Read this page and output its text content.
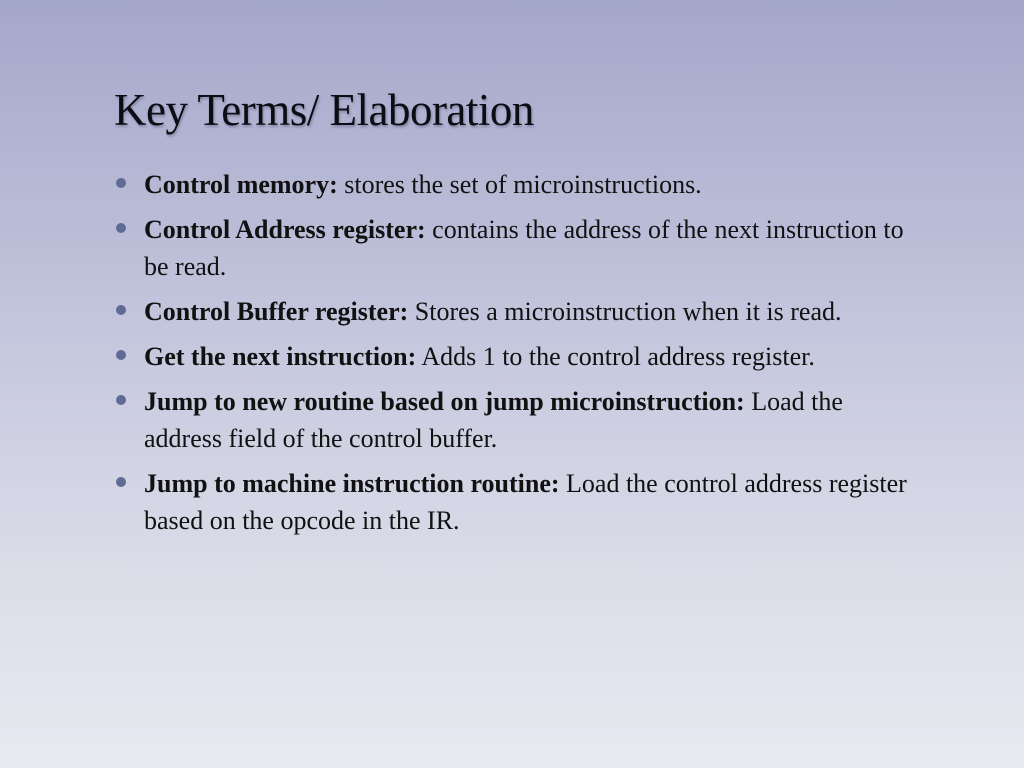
Key Terms/ Elaboration
Control memory: stores the set of microinstructions.
Control Address register: contains the address of the next instruction to be read.
Control Buffer register: Stores a microinstruction when it is read.
Get the next instruction: Adds 1 to the control address register.
Jump to new routine based on jump microinstruction: Load the address field of the control buffer.
Jump to machine instruction routine: Load the control address register based on the opcode in the IR.
